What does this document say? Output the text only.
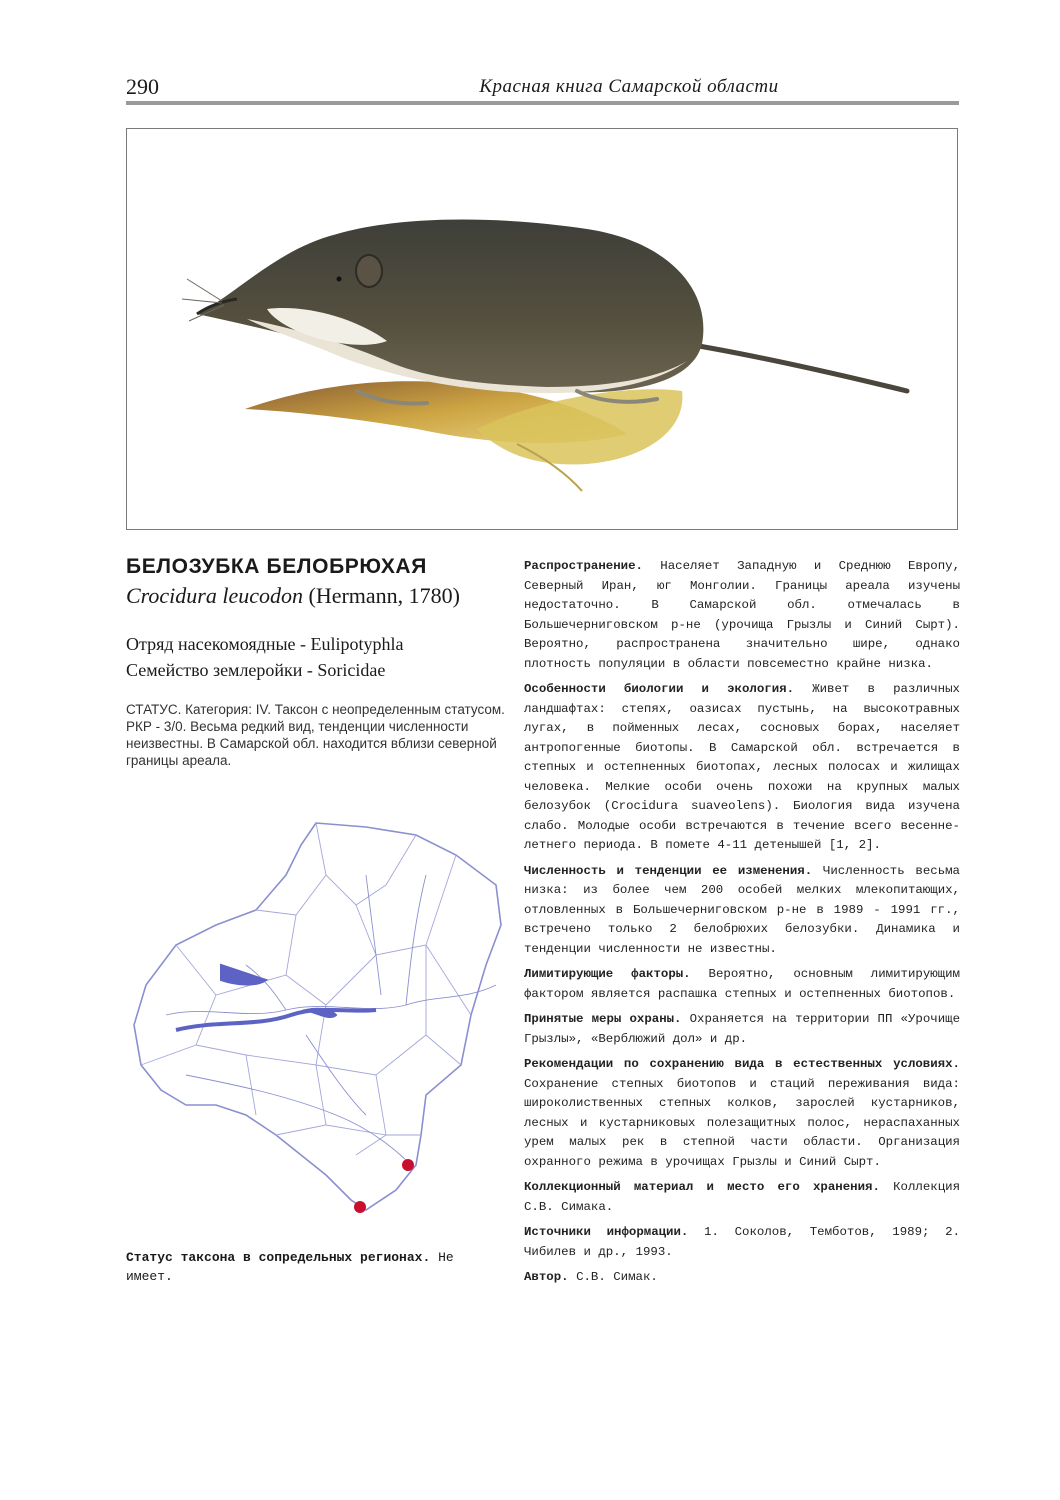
290	Красная книга Самарской области
БЕЛОЗУБКА БЕЛОБРЮХАЯ
Crocidura leucodon (Hermann, 1780)
Отряд насекомоядные - Eulipotyphla
Семейство землеройки - Soricidae

СТАТУС. Категория: IV. Таксон с неопределенным статусом.

РКР - 3/0. Весьма редкий вид, тенденции численности неизвестны. В Самарской обл. находится вблизи северной границы ареала.

Статус таксона в сопредельных регионах. Не имеет.

Распространение. Населяет Западную и Среднюю Европу, Северный Иран, юг Монголии. Границы ареала изучены недостаточно. В Самарской обл. отмечалась в Большечерниговском р-не (урочища Грызлы и Синий Сырт). Вероятно, распространена значительно шире, однако плотность популяции в области повсеместно крайне низка.

Особенности биологии и экология. Живет в различных ландшафтах: степях, оазисах пустынь, на высокотравных лугах, в пойменных лесах, сосновых борах, населяет антропогенные биотопы. В Самарской обл. встречается в степных и остепненных биотопах, лесных полосах и жилищах человека. Мелкие особи очень похожи на крупных малых белозубок (Crocidura suaveolens). Биология вида изучена слабо. Молодые особи встречаются в течение всего весенне-летнего периода. В помете 4-11 детенышей [1, 2].

Численность и тенденции ее изменения. Численность весьма низка: из более чем 200 особей мелких млекопитающих, отловленных в Большечерниговском р-не в 1989 - 1991 гг., встречено только 2 белобрюхих белозубки. Динамика и тенденции численности не известны.

Лимитирующие факторы. Вероятно, основным лимитирующим фактором является распашка степных и остепненных биотопов.

Принятые меры охраны. Охраняется на территории ПП «Урочище Грызлы», «Верблюжий дол» и др.

Рекомендации по сохранению вида в естественных условиях. Сохранение степных биотопов и стаций переживания вида: широколиственных степных колков, зарослей кустарников, лесных и кустарниковых полезащитных полос, нераспаханных урем малых рек в степной части области. Организация охранного режима в урочищах Грызлы и Синий Сырт.

Коллекционный материал и место его хранения. Коллекция С.В. Симака.

Источники информации. 1. Соколов, Темботов, 1989; 2. Чибилев и др., 1993.

Автор. С.В. Симак.
